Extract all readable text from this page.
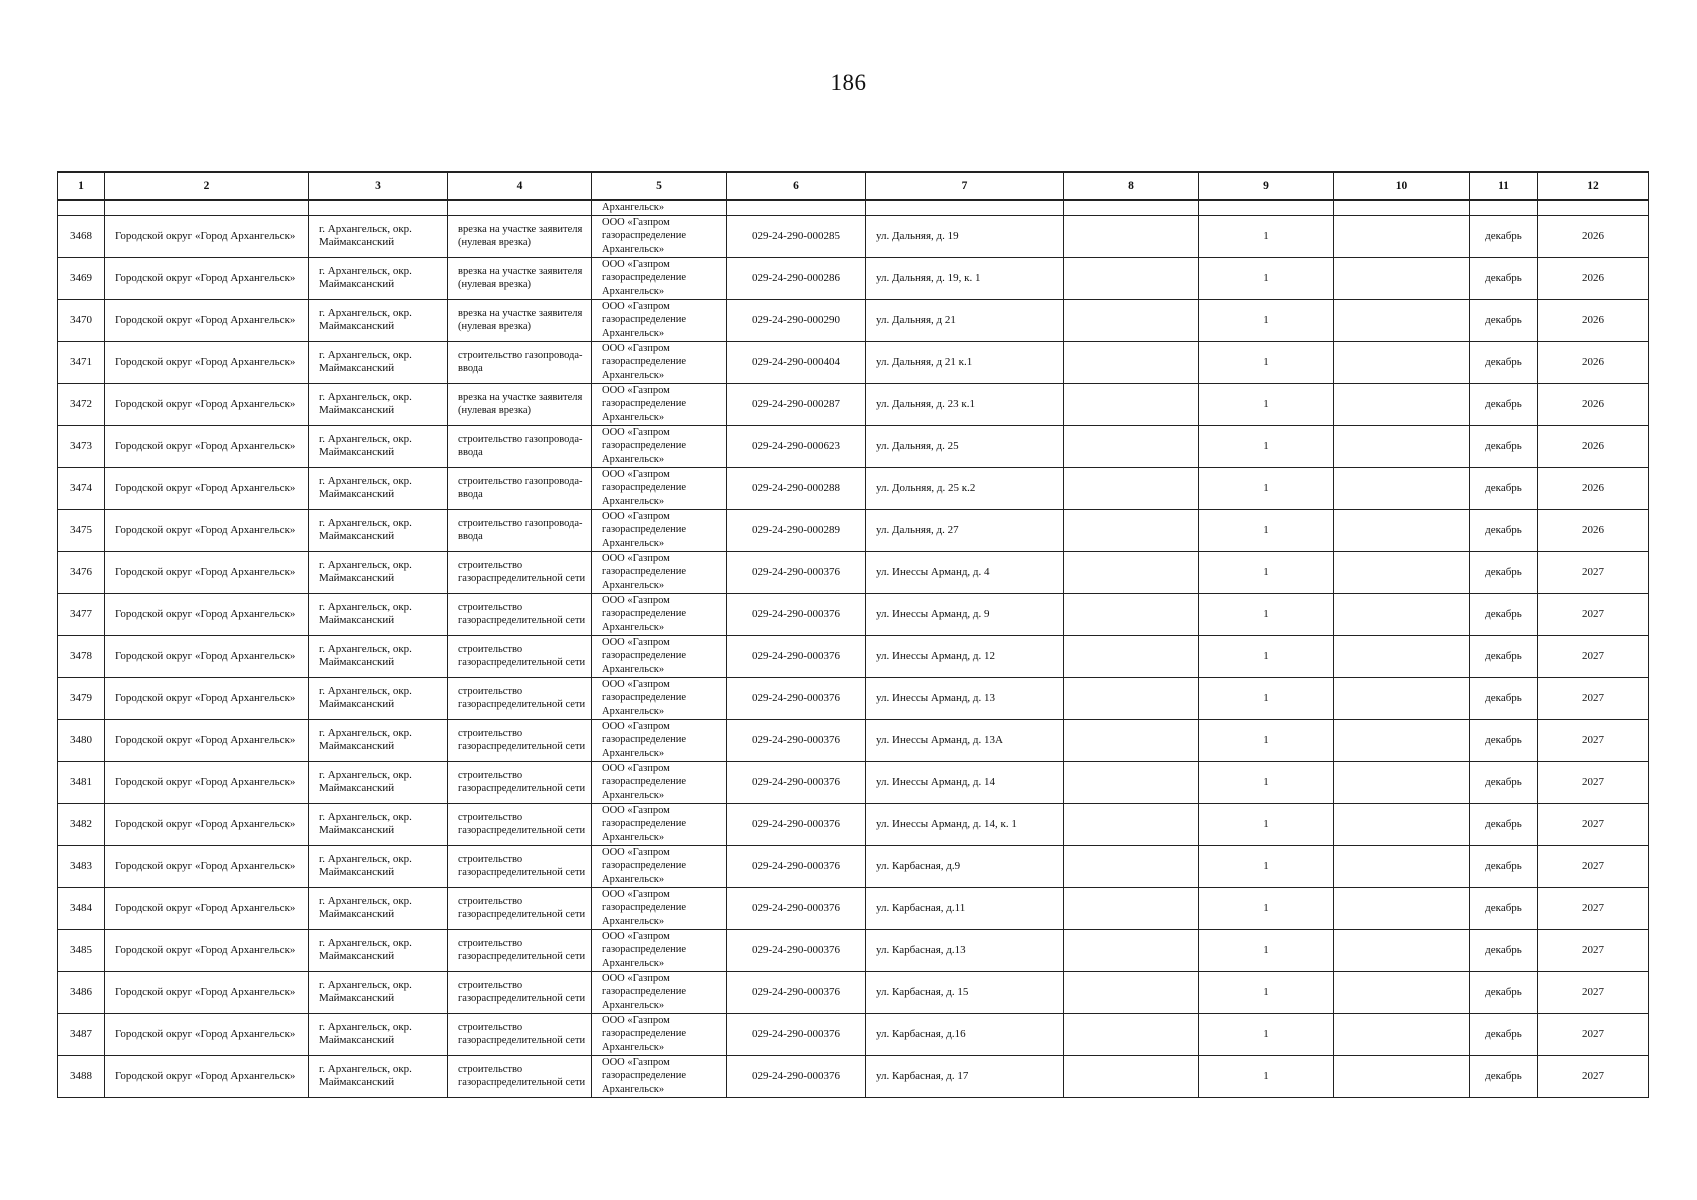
186
1	2	3	4	5	6	7	8	9	10	11	12
				Архангельск»							

3468	Городской округ «Город Архангельск»	г. Архангельск, окр. Маймаксанский	врезка на участке заявителя (нулевая врезка)	ООО «Газпром газораспределение Архангельск»	029-24-290-000285	ул. Дальняя, д. 19		1		декабрь	2026

3469	Городской округ «Город Архангельск»	г. Архангельск, окр. Маймаксанский	врезка на участке заявителя (нулевая врезка)	ООО «Газпром газораспределение Архангельск»	029-24-290-000286	ул. Дальняя, д. 19, к. 1		1		декабрь	2026

3470	Городской округ «Город Архангельск»	г. Архангельск, окр. Маймаксанский	врезка на участке заявителя (нулевая врезка)	ООО «Газпром газораспределение Архангельск»	029-24-290-000290	ул. Дальняя, д 21		1		декабрь	2026

3471	Городской округ «Город Архангельск»	г. Архангельск, окр. Маймаксанский	строительство газопровода-ввода	ООО «Газпром газораспределение Архангельск»	029-24-290-000404	ул. Дальняя, д 21 к.1		1		декабрь	2026

3472	Городской округ «Город Архангельск»	г. Архангельск, окр. Маймаксанский	врезка на участке заявителя (нулевая врезка)	ООО «Газпром газораспределение Архангельск»	029-24-290-000287	ул. Дальняя, д. 23 к.1		1		декабрь	2026

3473	Городской округ «Город Архангельск»	г. Архангельск, окр. Маймаксанский	строительство газопровода-ввода	ООО «Газпром газораспределение Архангельск»	029-24-290-000623	ул. Дальняя, д. 25		1		декабрь	2026

3474	Городской округ «Город Архангельск»	г. Архангельск, окр. Маймаксанский	строительство газопровода-ввода	ООО «Газпром газораспределение Архангельск»	029-24-290-000288	ул. Дольняя, д. 25 к.2		1		декабрь	2026

3475	Городской округ «Город Архангельск»	г. Архангельск, окр. Маймаксанский	строительство газопровода-ввода	ООО «Газпром газораспределение Архангельск»	029-24-290-000289	ул. Дальняя, д. 27		1		декабрь	2026

3476	Городской округ «Город Архангельск»	г. Архангельск, окр. Маймаксанский	строительство газораспределительной сети	ООО «Газпром газораспределение Архангельск»	029-24-290-000376	ул. Инессы Арманд, д. 4		1		декабрь	2027

3477	Городской округ «Город Архангельск»	г. Архангельск, окр. Маймаксанский	строительство газораспределительной сети	ООО «Газпром газораспределение Архангельск»	029-24-290-000376	ул. Инессы Арманд, д. 9		1		декабрь	2027

3478	Городской округ «Город Архангельск»	г. Архангельск, окр. Маймаксанский	строительство газораспределительной сети	ООО «Газпром газораспределение Архангельск»	029-24-290-000376	ул. Инессы Арманд, д. 12		1		декабрь	2027

3479	Городской округ «Город Архангельск»	г. Архангельск, окр. Маймаксанский	строительство газораспределительной сети	ООО «Газпром газораспределение Архангельск»	029-24-290-000376	ул. Инессы Арманд, д. 13		1		декабрь	2027

3480	Городской округ «Город Архангельск»	г. Архангельск, окр. Маймаксанский	строительство газораспределительной сети	ООО «Газпром газораспределение Архангельск»	029-24-290-000376	ул. Инессы Арманд, д. 13А		1		декабрь	2027

3481	Городской округ «Город Архангельск»	г. Архангельск, окр. Маймаксанский	строительство газораспределительной сети	ООО «Газпром газораспределение Архангельск»	029-24-290-000376	ул. Инессы Арманд, д. 14		1		декабрь	2027

3482	Городской округ «Город Архангельск»	г. Архангельск, окр. Маймаксанский	строительство газораспределительной сети	ООО «Газпром газораспределение Архангельск»	029-24-290-000376	ул. Инессы Арманд, д. 14, к. 1		1		декабрь	2027

3483	Городской округ «Город Архангельск»	г. Архангельск, окр. Маймаксанский	строительство газораспределительной сети	ООО «Газпром газораспределение Архангельск»	029-24-290-000376	ул. Карбасная, д.9		1		декабрь	2027

3484	Городской округ «Город Архангельск»	г. Архангельск, окр. Маймаксанский	строительство газораспределительной сети	ООО «Газпром газораспределение Архангельск»	029-24-290-000376	ул. Карбасная, д.11		1		декабрь	2027

3485	Городской округ «Город Архангельск»	г. Архангельск, окр. Маймаксанский	строительство газораспределительной сети	ООО «Газпром газораспределение Архангельск»	029-24-290-000376	ул. Карбасная, д.13		1		декабрь	2027

3486	Городской округ «Город Архангельск»	г. Архангельск, окр. Маймаксанский	строительство газораспределительной сети	ООО «Газпром газораспределение Архангельск»	029-24-290-000376	ул. Карбасная, д. 15		1		декабрь	2027

3487	Городской округ «Город Архангельск»	г. Архангельск, окр. Маймаксанский	строительство газораспределительной сети	ООО «Газпром газораспределение Архангельск»	029-24-290-000376	ул. Карбасная, д.16		1		декабрь	2027

3488	Городской округ «Город Архангельск»	г. Архангельск, окр. Маймаксанский	строительство газораспределительной сети	ООО «Газпром газораспределение Архангельск»	029-24-290-000376	ул. Карбасная, д. 17		1		декабрь	2027
